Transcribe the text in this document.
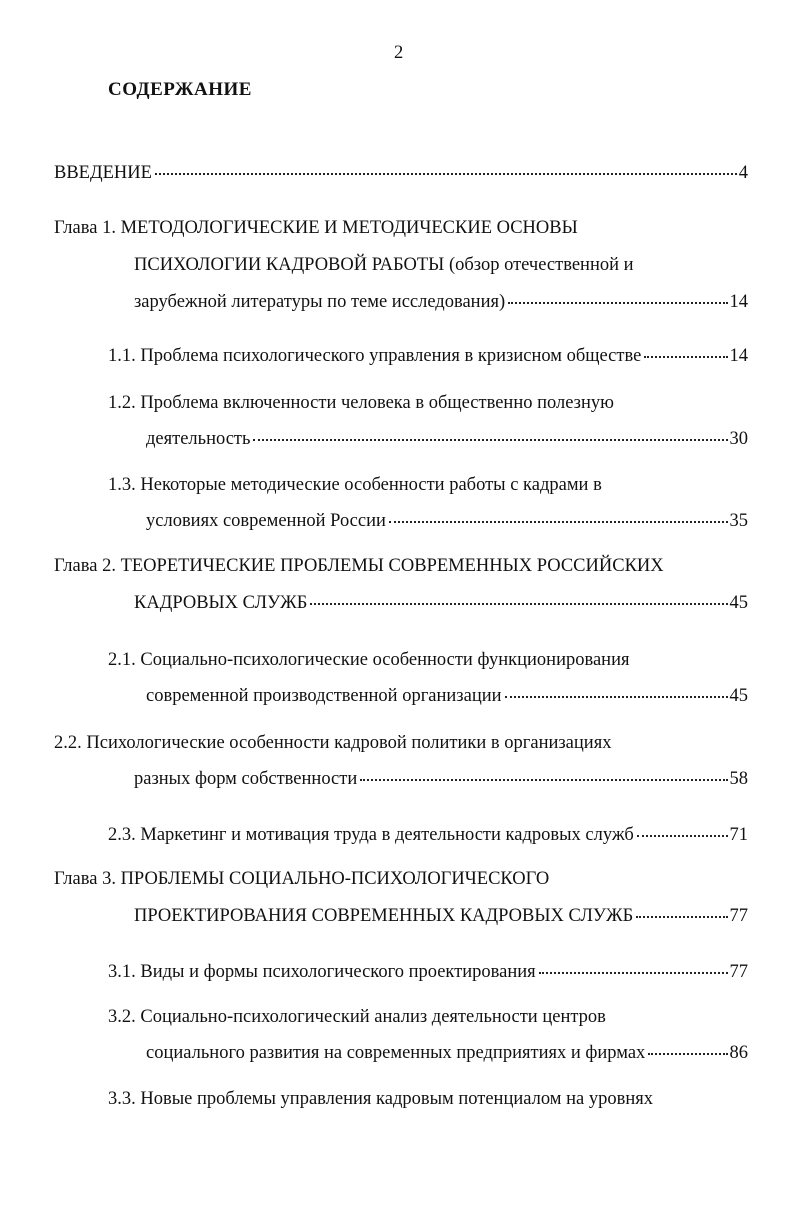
2
СОДЕРЖАНИЕ
ВВЕДЕНИЕ	4
Глава 1. МЕТОДОЛОГИЧЕСКИЕ И МЕТОДИЧЕСКИЕ ОСНОВЫ
ПСИХОЛОГИИ КАДРОВОЙ РАБОТЫ (обзор отечественной и
зарубежной литературы по теме исследования)	14
1.1. Проблема психологического управления в кризисном обществе	14
1.2. Проблема включенности человека в общественно полезную
деятельность	30
1.3. Некоторые методические особенности работы с кадрами в
условиях современной России	35
Глава 2. ТЕОРЕТИЧЕСКИЕ ПРОБЛЕМЫ СОВРЕМЕННЫХ РОССИЙСКИХ
КАДРОВЫХ СЛУЖБ	45
2.1. Социально-психологические особенности функционирования
современной производственной организации	45
2.2. Психологические особенности кадровой политики в организациях
разных форм собственности	58
2.3. Маркетинг и мотивация труда в деятельности кадровых служб	71
Глава 3. ПРОБЛЕМЫ СОЦИАЛЬНО-ПСИХОЛОГИЧЕСКОГО
ПРОЕКТИРОВАНИЯ СОВРЕМЕННЫХ КАДРОВЫХ СЛУЖБ	77
3.1. Виды и формы психологического проектирования	77
3.2. Социально-психологический анализ деятельности центров
социального развития на современных предприятиях и фирмах	86
3.3. Новые проблемы управления кадровым потенциалом на уровнях
